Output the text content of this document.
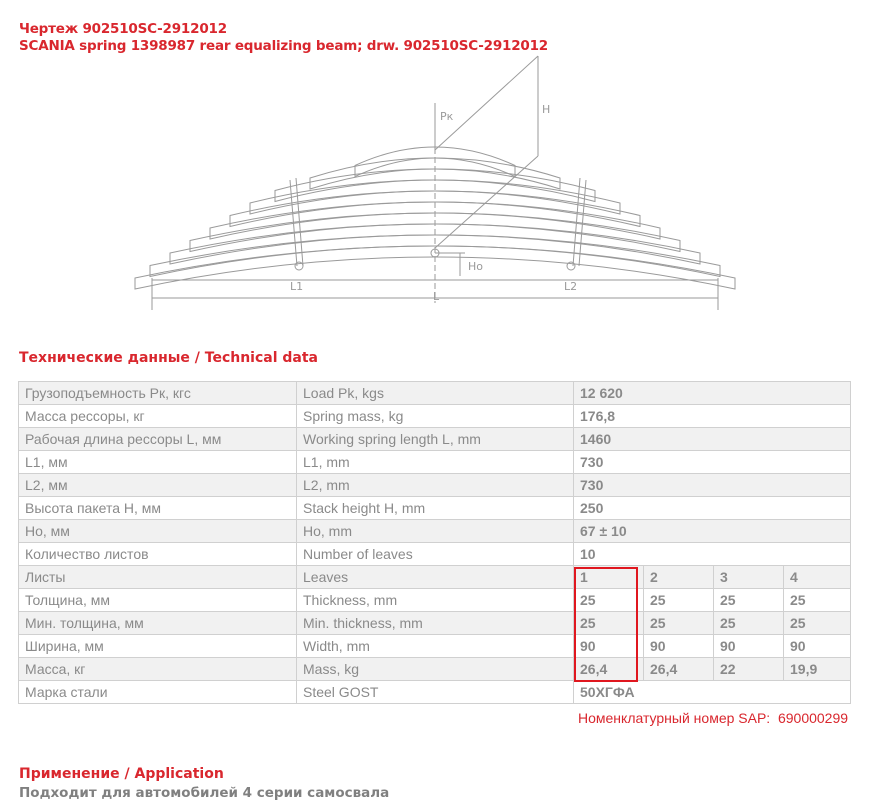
Чертеж 902510SC-2912012
SCANIA spring 1398987 rear equalizing beam; drw. 902510SC-2912012
Pк
H
Ho
L1	L2
L
Технические данные / Technical data
Грузоподъемность Pк, кгс	Load Pk, kgs	12 620			
Масса рессоры, кг	Spring mass, kg	176,8			
Рабочая длина рессоры L, мм	Working spring length L, mm	1460			
L1, мм	L1, mm	730			
L2, мм	L2, mm	730			
Высота пакета H, мм	Stack height H, mm	250			
Ho, мм	Ho, mm	67 ± 10			
Количество листов	Number of leaves	10			
Листы	Leaves	1	2	3	4
Толщина, мм	Thickness, mm	25	25	25	25
Мин. толщина, мм	Min. thickness, mm	25	25	25	25
Ширина, мм	Width, mm	90	90	90	90
Масса, кг	Mass, kg	26,4	26,4	22	19,9
Марка стали	Steel GOST	50ХГФА			
Номенклатурный номер SAP: 690000299
Применение / Application
Подходит для автомобилей 4 серии самосвала
